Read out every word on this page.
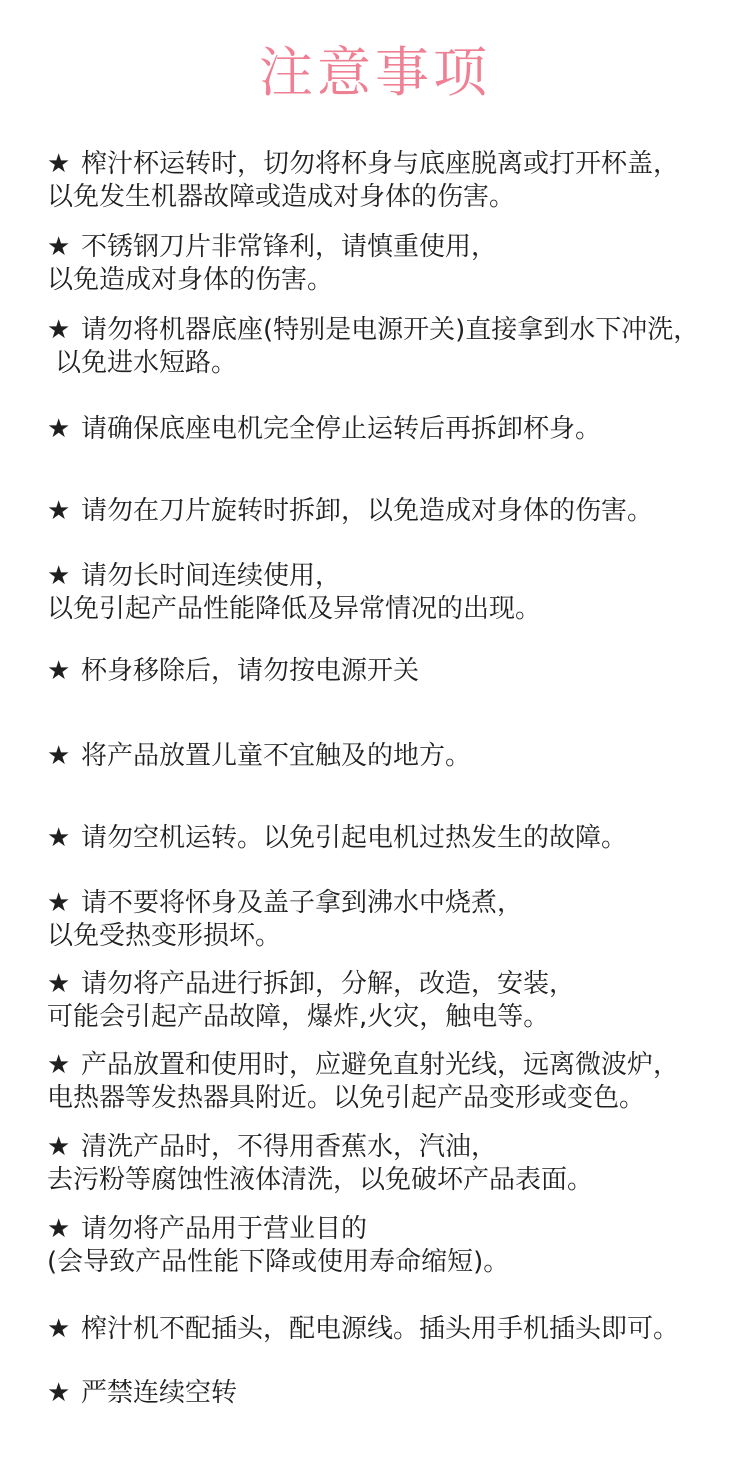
注意事项
★ 榨汁杯运转时，切勿将杯身与底座脱离或打开杯盖，
以免发生机器故障或造成对身体的伤害。
★ 不锈钢刀片非常锋利，请慎重使用，
以免造成对身体的伤害。
★ 请勿将机器底座(特别是电源开关)直接拿到水下冲洗，
以免进水短路。
★ 请确保底座电机完全停止运转后再拆卸杯身。
★ 请勿在刀片旋转时拆卸，以免造成对身体的伤害。
★ 请勿长时间连续使用，
以免引起产品性能降低及异常情况的出现。
★ 杯身移除后，请勿按电源开关
★ 将产品放置儿童不宜触及的地方。
★ 请勿空机运转。以免引起电机过热发生的故障。
★ 请不要将怀身及盖子拿到沸水中烧煮，
以免受热变形损坏。
★ 请勿将产品进行拆卸，分解，改造，安装，
可能会引起产品故障，爆炸,火灾，触电等。
★ 产品放置和使用时，应避免直射光线，远离微波炉，
电热器等发热器具附近。以免引起产品变形或变色。
★ 清洗产品时，不得用香蕉水，汽油，
去污粉等腐蚀性液体清洗，以免破坏产品表面。
★ 请勿将产品用于营业目的
(会导致产品性能下降或使用寿命缩短)。
★ 榨汁机不配插头，配电源线。插头用手机插头即可。
★ 严禁连续空转
